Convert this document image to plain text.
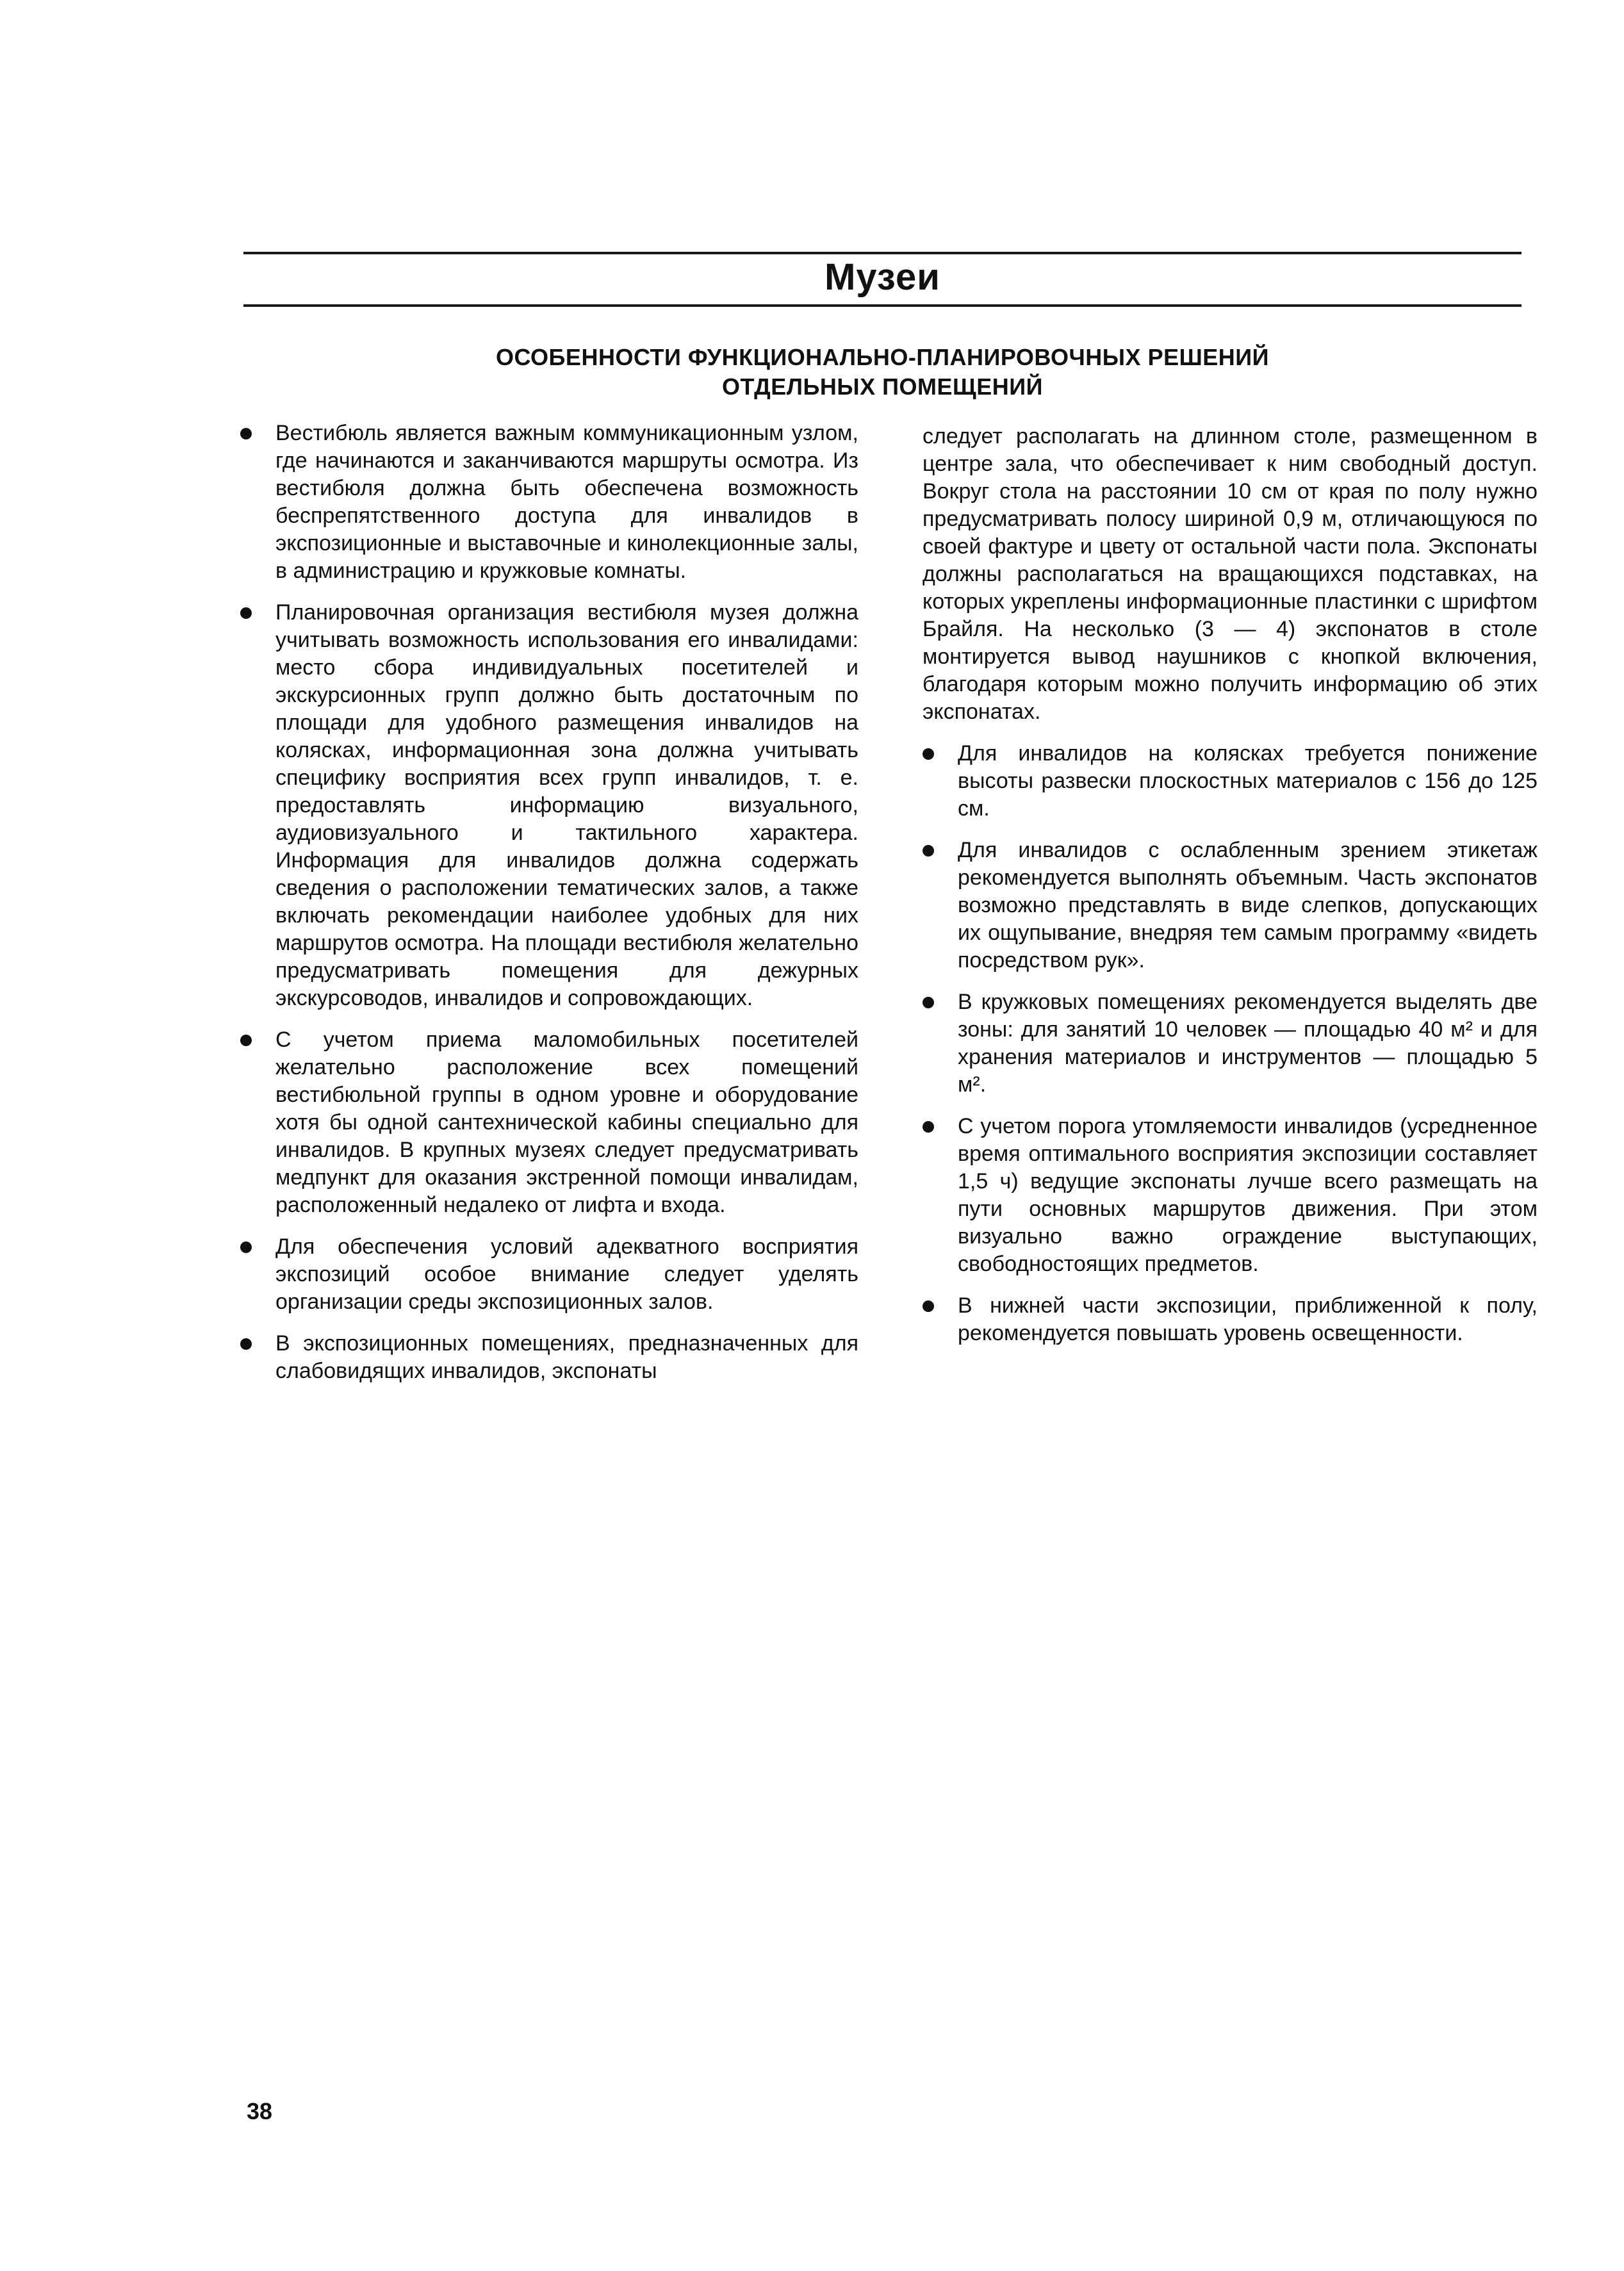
Музеи
ОСОБЕННОСТИ ФУНКЦИОНАЛЬНО-ПЛАНИРОВОЧНЫХ РЕШЕНИЙ
ОТДЕЛЬНЫХ ПОМЕЩЕНИЙ
Вестибюль является важным коммуникационным узлом, где начинаются и заканчиваются маршруты осмотра. Из вестибюля должна быть обеспечена возможность беспрепятственного доступа для инвалидов в экспозиционные и выставочные и кинолекционные залы, в администрацию и кружковые комнаты.
Планировочная организация вестибюля музея должна учитывать возможность использования его инвалидами: место сбора индивидуальных посетителей и экскурсионных групп должно быть достаточным по площади для удобного размещения инвалидов на колясках, информационная зона должна учитывать специфику восприятия всех групп инвалидов, т. е. предоставлять информацию визуального, аудиовизуального и тактильного характера. Информация для инвалидов должна содержать сведения о расположении тематических залов, а также включать рекомендации наиболее удобных для них маршрутов осмотра. На площади вестибюля желательно предусматривать помещения для дежурных экскурсоводов, инвалидов и сопровождающих.
С учетом приема маломобильных посетителей желательно расположение всех помещений вестибюльной группы в одном уровне и оборудование хотя бы одной сантехнической кабины специально для инвалидов. В крупных музеях следует предусматривать медпункт для оказания экстренной помощи инвалидам, расположенный недалеко от лифта и входа.
Для обеспечения условий адекватного восприятия экспозиций особое внимание следует уделять организации среды экспозиционных залов.
В экспозиционных помещениях, предназначенных для слабовидящих инвалидов, экспонаты

следует располагать на длинном столе, размещенном в центре зала, что обеспечивает к ним свободный доступ. Вокруг стола на расстоянии 10 см от края по полу нужно предусматривать полосу шириной 0,9 м, отличающуюся по своей фактуре и цвету от остальной части пола. Экспонаты должны располагаться на вращающихся подставках, на которых укреплены информационные пластинки с шрифтом Брайля. На несколько (3 — 4) экспонатов в столе монтируется вывод наушников с кнопкой включения, благодаря которым можно получить информацию об этих экспонатах.

Для инвалидов на колясках требуется понижение высоты развески плоскостных материалов с 156 до 125 см.
Для инвалидов с ослабленным зрением этикетаж рекомендуется выполнять объемным. Часть экспонатов возможно представлять в виде слепков, допускающих их ощупывание, внедряя тем самым программу «видеть посредством рук».
В кружковых помещениях рекомендуется выделять две зоны: для занятий 10 человек — площадью 40 м² и для хранения материалов и инструментов — площадью 5 м².
С учетом порога утомляемости инвалидов (усредненное время оптимального восприятия экспозиции составляет 1,5 ч) ведущие экспонаты лучше всего размещать на пути основных маршрутов движения. При этом визуально важно ограждение выступающих, свободностоящих предметов.
В нижней части экспозиции, приближенной к полу, рекомендуется повышать уровень освещенности.
38
